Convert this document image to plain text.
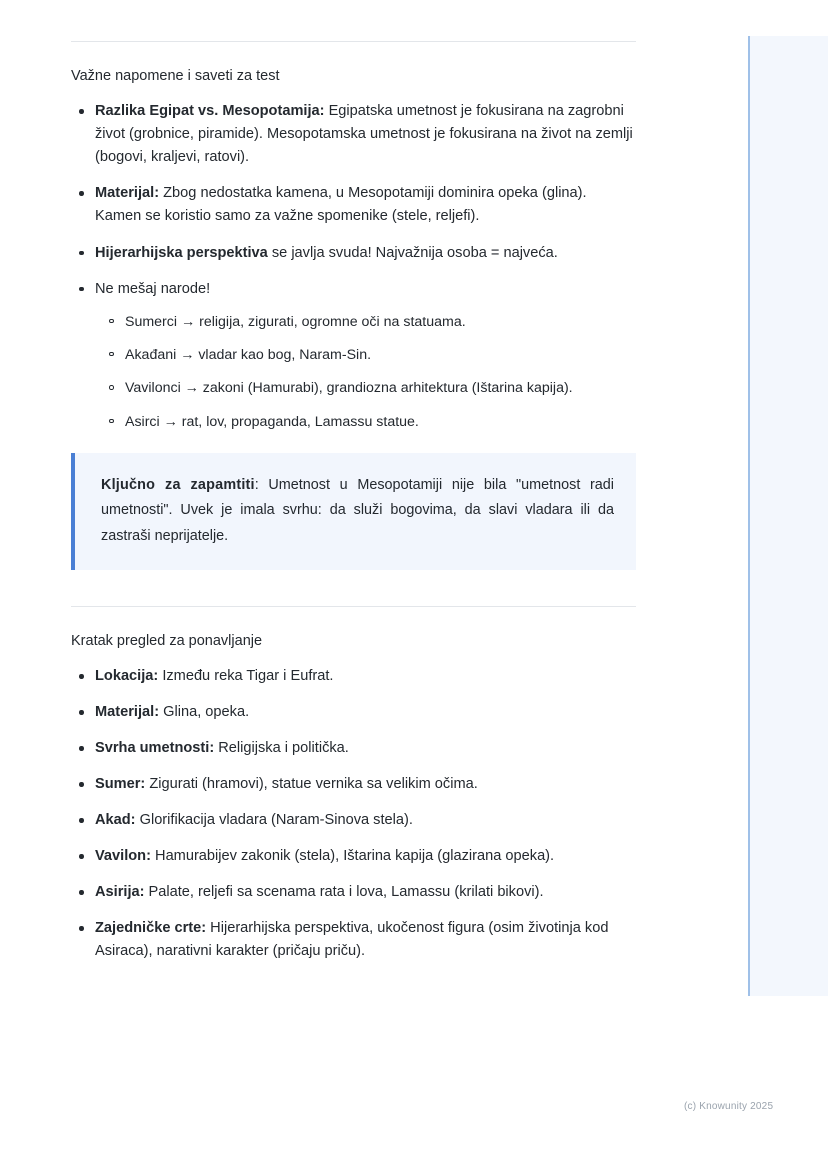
Važne napomene i saveti za test
Razlika Egipat vs. Mesopotamija: Egipatska umetnost je fokusirana na zagrobni život (grobnice, piramide). Mesopotamska umetnost je fokusirana na život na zemlji (bogovi, kraljevi, ratovi).
Materijal: Zbog nedostatka kamena, u Mesopotamiji dominira opeka (glina). Kamen se koristio samo za važne spomenike (stele, reljefi).
Hijerarhijska perspektiva se javlja svuda! Najvažnija osoba = najveća.
Ne mešaj narode!
Sumerci → religija, zigurati, ogromne oči na statuama.
Akađani → vladar kao bog, Naram-Sin.
Vavilonci → zakoni (Hamurabi), grandiozna arhitektura (Ištarina kapija).
Asirci → rat, lov, propaganda, Lamassu statue.
Ključno za zapamtiti: Umetnost u Mesopotamiji nije bila "umetnost radi umetnosti". Uvek je imala svrhu: da služi bogovima, da slavi vladara ili da zastraši neprijatelje.
Kratak pregled za ponavljanje
Lokacija: Između reka Tigar i Eufrat.
Materijal: Glina, opeka.
Svrha umetnosti: Religijska i politička.
Sumer: Zigurati (hramovi), statue vernika sa velikim očima.
Akad: Glorifikacija vladara (Naram-Sinova stela).
Vavilon: Hamurabijev zakonik (stela), Ištarina kapija (glazirana opeka).
Asirija: Palate, reljefi sa scenama rata i lova, Lamassu (krilati bikovi).
Zajedničke crte: Hijerarhijska perspektiva, ukočenost figura (osim životinja kod Asiraca), narativni karakter (pričaju priču).
(c) Knowunity 2025
